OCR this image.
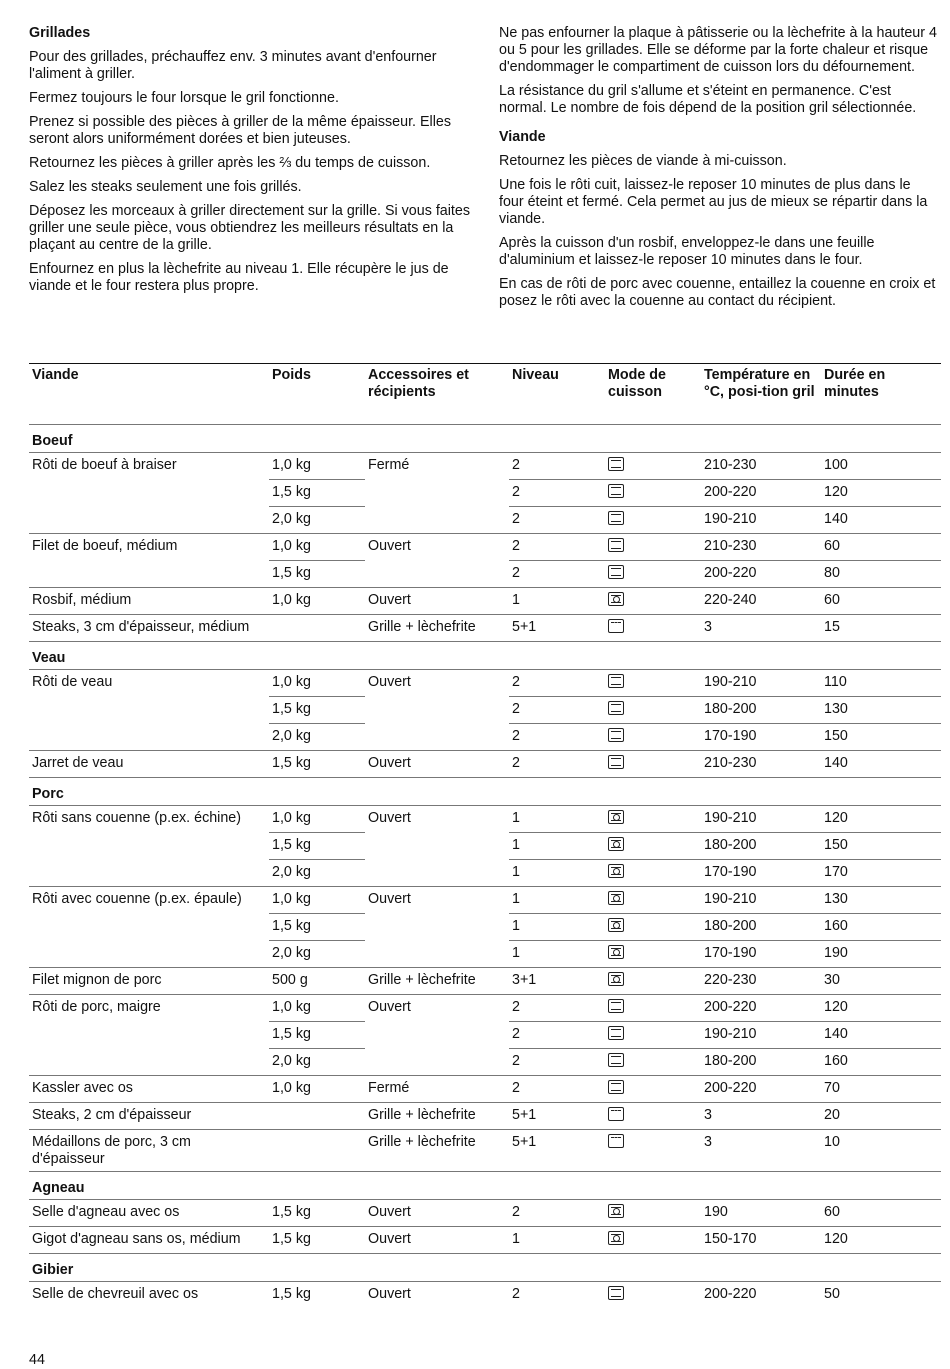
Grillades

Pour des grillades, préchauffez env. 3 minutes avant d'enfourner l'aliment à griller.

Fermez toujours le four lorsque le gril fonctionne.

Prenez si possible des pièces à griller de la même épaisseur. Elles seront alors uniformément dorées et bien juteuses.

Retournez les pièces à griller après les ⅔ du temps de cuisson.

Salez les steaks seulement une fois grillés.

Déposez les morceaux à griller directement sur la grille. Si vous faites griller une seule pièce, vous obtiendrez les meilleurs résultats en la plaçant au centre de la grille.

Enfournez en plus la lèchefrite au niveau 1. Elle récupère le jus de viande et le four restera plus propre.

Ne pas enfourner la plaque à pâtisserie ou la lèchefrite à la hauteur 4 ou 5 pour les grillades. Elle se déforme par la forte chaleur et risque d'endommager le compartiment de cuisson lors du défournement.

La résistance du gril s'allume et s'éteint en permanence. C'est normal. Le nombre de fois dépend de la position gril sélectionnée.

Viande

Retournez les pièces de viande à mi-cuisson.

Une fois le rôti cuit, laissez-le reposer 10 minutes de plus dans le four éteint et fermé. Cela permet au jus de mieux se répartir dans la viande.

Après la cuisson d'un rosbif, enveloppez-le dans une feuille d'aluminium et laissez-le reposer 10 minutes dans le four.

En cas de rôti de porc avec couenne, entaillez la couenne en croix et posez le rôti avec la couenne au contact du récipient.

Viande	Poids	Accessoires et récipients	Niveau	Mode de cuisson	Température en °C, posi-tion gril	Durée en minutes
Boeuf						
Rôti de boeuf à braiser	1,0 kg	Fermé	2		210-230	100
	1,5 kg		2		200-220	120
	2,0 kg		2		190-210	140
Filet de boeuf, médium	1,0 kg	Ouvert	2		210-230	60
	1,5 kg		2		200-220	80
Rosbif, médium	1,0 kg	Ouvert	1		220-240	60
Steaks, 3 cm d'épaisseur, médium		Grille + lèchefrite	5+1		3	15
Veau						
Rôti de veau	1,0 kg	Ouvert	2		190-210	110
	1,5 kg		2		180-200	130
	2,0 kg		2		170-190	150
Jarret de veau	1,5 kg	Ouvert	2		210-230	140
Porc						
Rôti sans couenne (p.ex. échine)	1,0 kg	Ouvert	1		190-210	120
	1,5 kg		1		180-200	150
	2,0 kg		1		170-190	170
Rôti avec couenne (p.ex. épaule)	1,0 kg	Ouvert	1		190-210	130
	1,5 kg		1		180-200	160
	2,0 kg		1		170-190	190
Filet mignon de porc	500 g	Grille + lèchefrite	3+1		220-230	30
Rôti de porc, maigre	1,0 kg	Ouvert	2		200-220	120
	1,5 kg		2		190-210	140
	2,0 kg		2		180-200	160
Kassler avec os	1,0 kg	Fermé	2		200-220	70
Steaks, 2 cm d'épaisseur		Grille + lèchefrite	5+1		3	20
Médaillons de porc, 3 cm d'épaisseur		Grille + lèchefrite	5+1		3	10
Agneau						
Selle d'agneau avec os	1,5 kg	Ouvert	2		190	60
Gigot d'agneau sans os, médium	1,5 kg	Ouvert	1		150-170	120
Gibier						
Selle de chevreuil avec os	1,5 kg	Ouvert	2		200-220	50
44
